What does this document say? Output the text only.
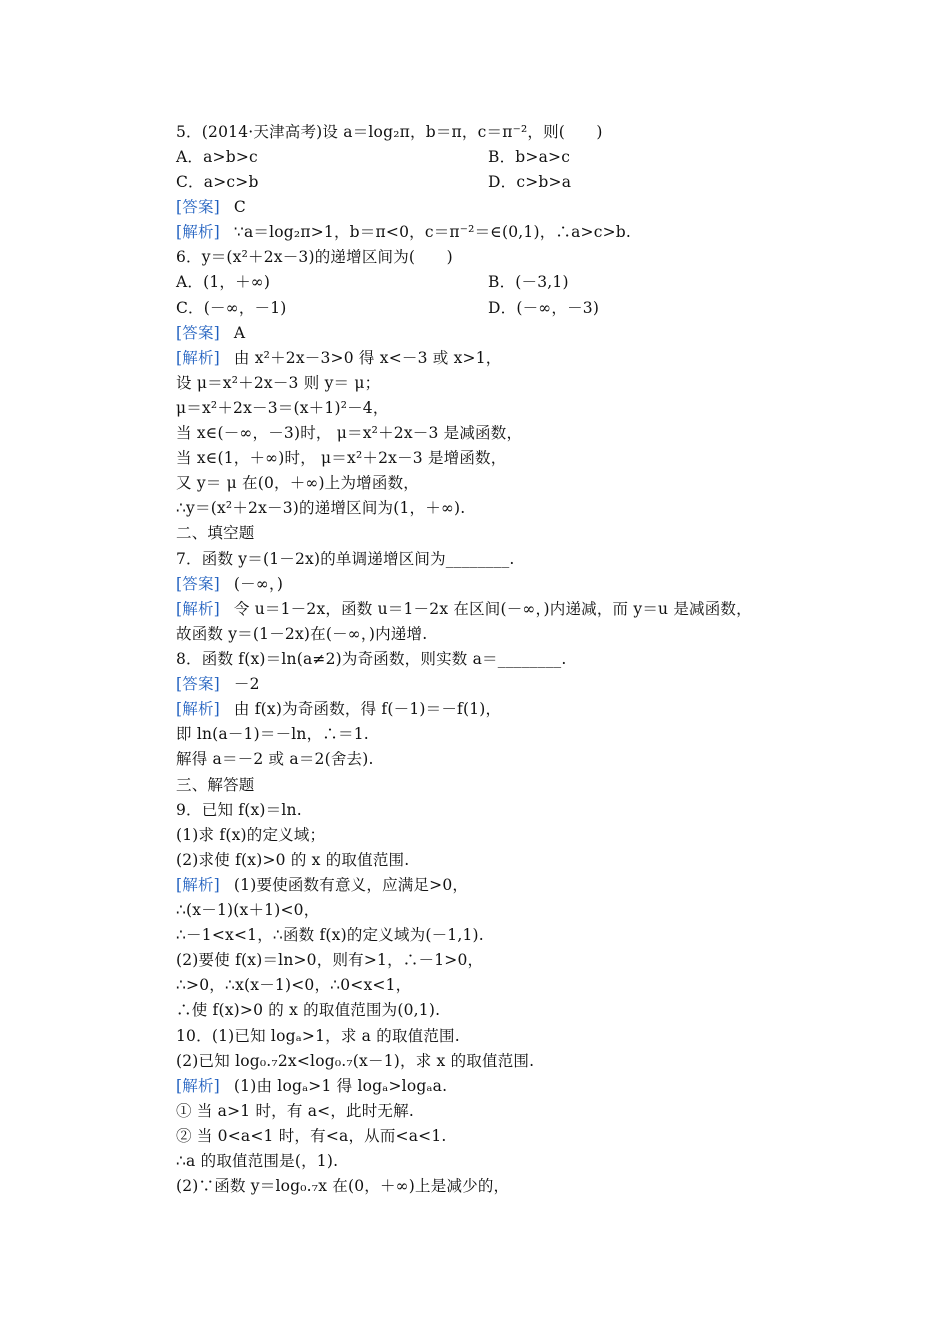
5．(2014·天津高考)设 a＝log₂π，b＝π，c＝π⁻²，则(　　)
A．a>b>c	B．b>a>c
C．a>c>b	D．c>b>a
[答案] C
[解析] ∵a＝log₂π>1，b＝π<0，c＝π⁻²＝∈(0,1)，∴a>c>b.
6．y＝(x²＋2x－3)的递增区间为(　　)
A．(1，＋∞)	B．(－3,1)
C．(－∞，－1)	D．(－∞，－3)
[答案] A
[解析] 由 x²＋2x－3>0 得 x<－3 或 x>1，
设 μ＝x²＋2x－3 则 y＝ μ；
μ＝x²＋2x－3＝(x＋1)²－4，
当 x∈(－∞，－3)时， μ＝x²＋2x－3 是减函数，
当 x∈(1，＋∞)时， μ＝x²＋2x－3 是增函数，
又 y＝ μ 在(0，＋∞)上为增函数，
∴y＝(x²＋2x－3)的递增区间为(1，＋∞).
二、填空题
7．函数 y＝(1－2x)的单调递增区间为________.
[答案] (－∞，)
[解析] 令 u＝1－2x，函数 u＝1－2x 在区间(－∞，)内递减，而 y＝u 是减函数，
故函数 y＝(1－2x)在(－∞，)内递增.
8．函数 f(x)＝ln(a≠2)为奇函数，则实数 a＝________.
[答案] －2
[解析] 由 f(x)为奇函数，得 f(－1)＝－f(1)，
即 ln(a－1)＝－ln，∴＝1.
解得 a＝－2 或 a＝2(舍去).
三、解答题
9．已知 f(x)＝ln.
(1)求 f(x)的定义域；
(2)求使 f(x)>0 的 x 的取值范围.
[解析] (1)要使函数有意义，应满足>0，
∴(x－1)(x＋1)<0，
∴－1<x<1，∴函数 f(x)的定义域为(－1,1).
(2)要使 f(x)＝ln>0，则有>1，∴－1>0，
∴>0，∴x(x－1)<0，∴0<x<1，
∴使 f(x)>0 的 x 的取值范围为(0,1).
10．(1)已知 logₐ>1，求 a 的取值范围.
(2)已知 log₀.₇2x<log₀.₇(x－1)，求 x 的取值范围.
[解析] (1)由 logₐ>1 得 logₐ>logₐa.
① 当 a>1 时，有 a<，此时无解.
② 当 0<a<1 时，有<a，从而<a<1.
∴a 的取值范围是(，1).
(2)∵函数 y＝log₀.₇x 在(0，＋∞)上是减少的，
